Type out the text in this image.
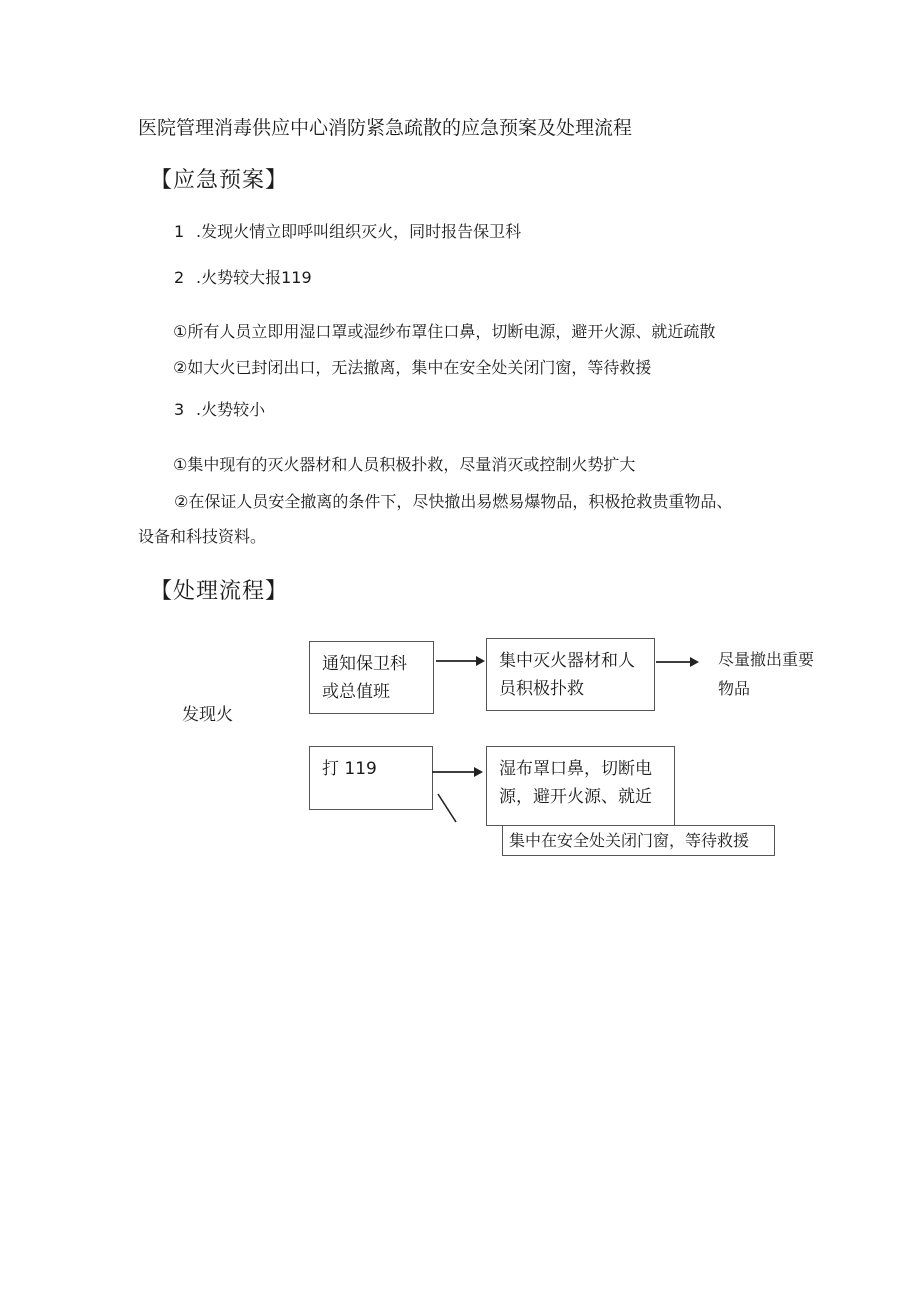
医院管理消毒供应中心消防紧急疏散的应急预案及处理流程
【应急预案】
1 .发现火情立即呼叫组织灭火，同时报告保卫科
2 .火势较大报119
①所有人员立即用湿口罩或湿纱布罩住口鼻，切断电源，避开火源、就近疏散
②如大火已封闭出口，无法撤离，集中在安全处关闭门窗，等待救援
3 .火势较小
①集中现有的灭火器材和人员积极扑救，尽量消灭或控制火势扩大
②在保证人员安全撤离的条件下，尽快撤出易燃易爆物品，积极抢救贵重物品、
设备和科技资料。
【处理流程】
发现火
通知保卫科或总值班
集中灭火器材和人员积极扑救
尽量撤出重要物品
打 119	湿布罩口鼻，切断电源，避开火源、就近
集中在安全处关闭门窗，等待救援
